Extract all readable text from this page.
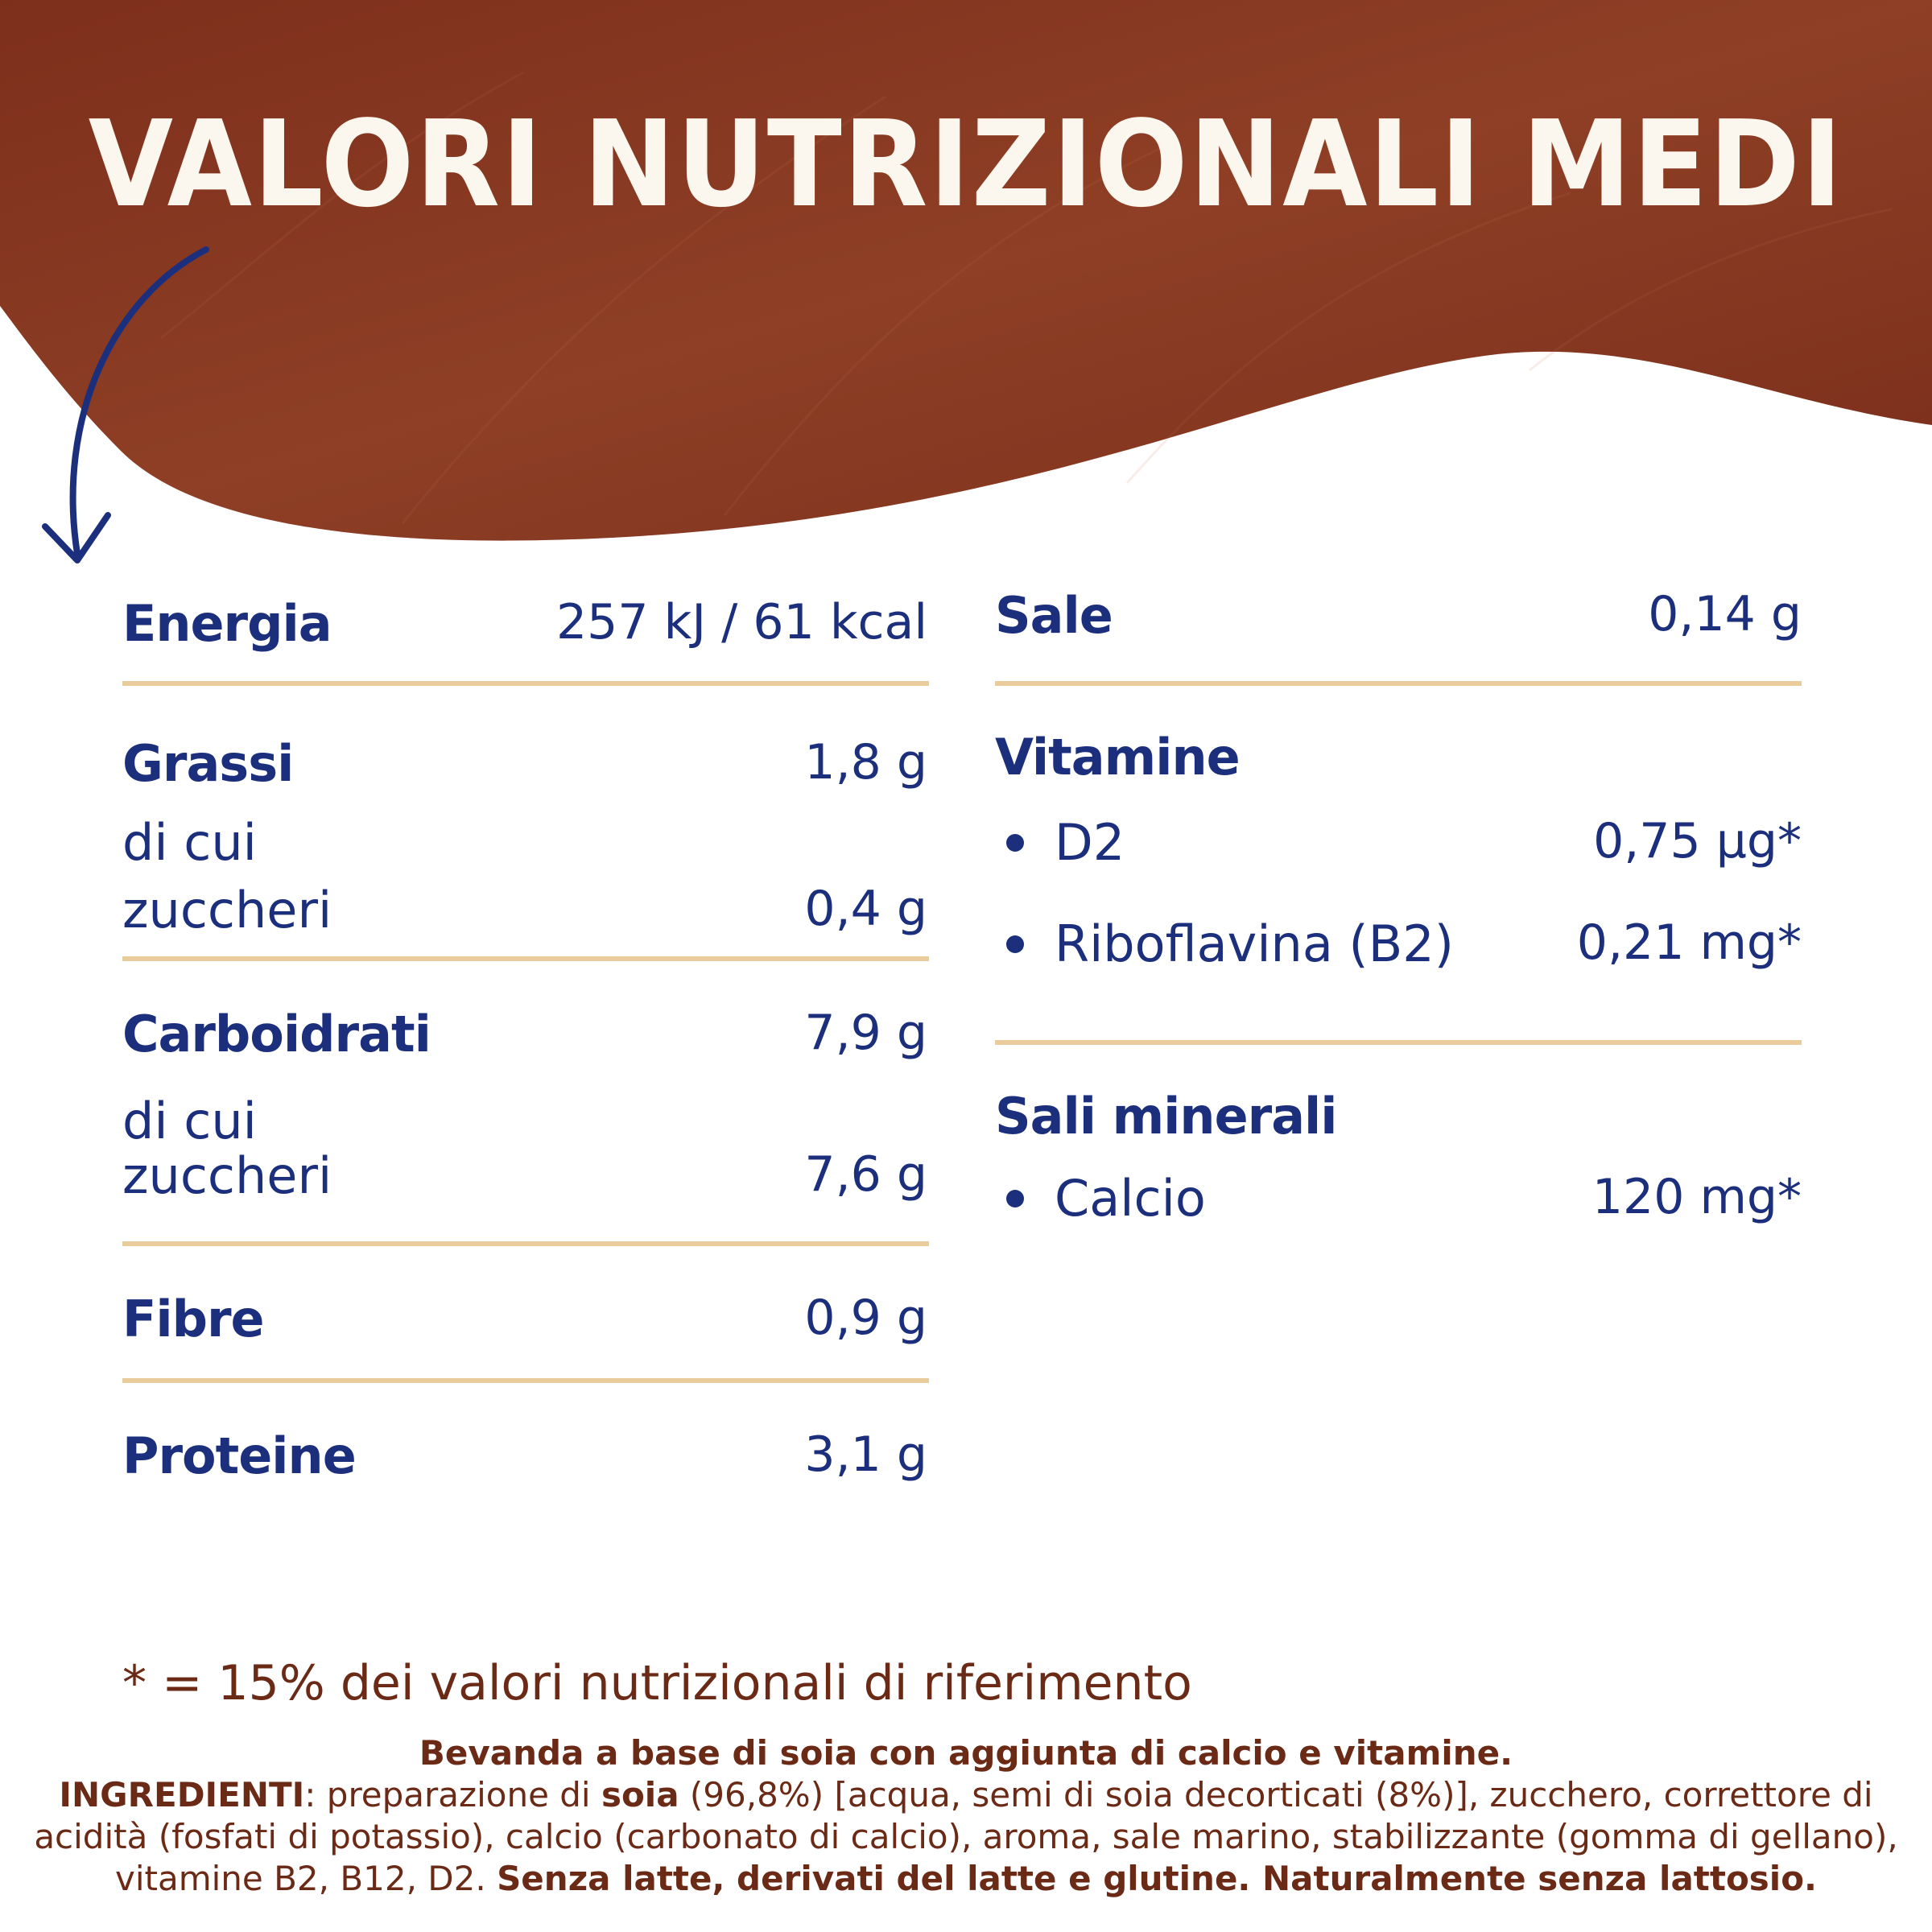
VALORI NUTRIZIONALI MEDI
Energia	257 kJ / 61 kcal
Grassi	1,8 g
di cui
zuccheri	0,4 g
Carboidrati	7,9 g
di cui
zuccheri	7,6 g
Fibre	0,9 g
Proteine	3,1 g
Sale	0,14 g
Vitamine
D2	0,75 µg*
Riboflavina (B2)	0,21 mg*
Sali minerali
Calcio	120 mg*
* = 15% dei valori nutrizionali di riferimento
Bevanda a base di soia con aggiunta di calcio e vitamine.
INGREDIENTI: preparazione di soia (96,8%) [acqua, semi di soia decorticati (8%)], zucchero, correttore di acidità (fosfati di potassio), calcio (carbonato di calcio), aroma, sale marino, stabilizzante (gomma di gellano), vitamine B2, B12, D2. Senza latte, derivati del latte e glutine. Naturalmente senza lattosio.
